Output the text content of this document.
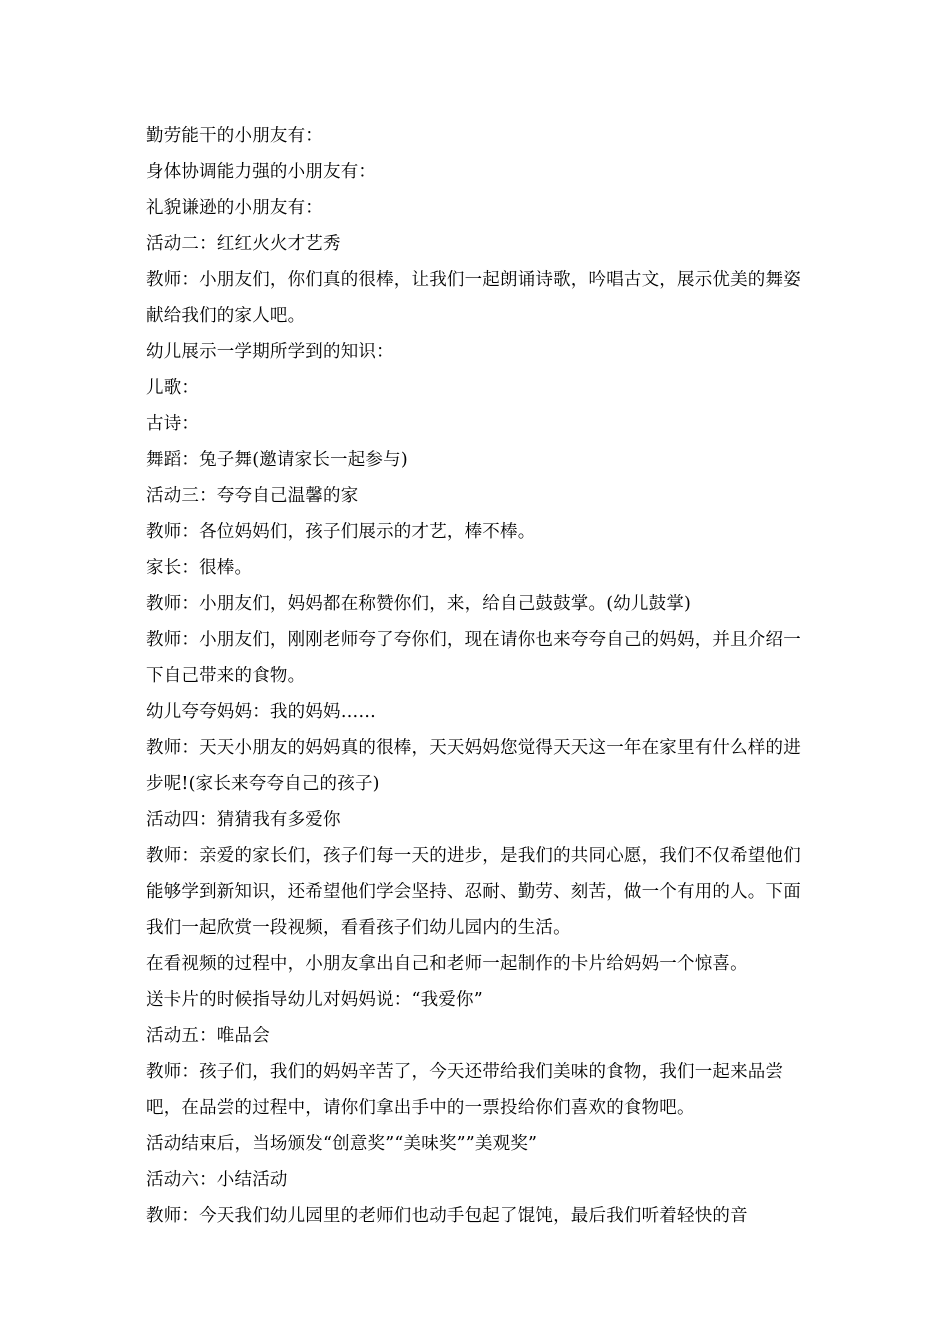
勤劳能干的小朋友有：

身体协调能力强的小朋友有：

礼貌谦逊的小朋友有：

活动二：红红火火才艺秀

教师：小朋友们，你们真的很棒，让我们一起朗诵诗歌，吟唱古文，展示优美的舞姿献给我们的家人吧。

幼儿展示一学期所学到的知识：

儿歌：

古诗：

舞蹈：兔子舞(邀请家长一起参与)

活动三：夸夸自己温馨的家

教师：各位妈妈们，孩子们展示的才艺，棒不棒。

家长：很棒。

教师：小朋友们，妈妈都在称赞你们，来，给自己鼓鼓掌。(幼儿鼓掌)

教师：小朋友们，刚刚老师夸了夸你们，现在请你也来夸夸自己的妈妈，并且介绍一下自己带来的食物。

幼儿夸夸妈妈：我的妈妈……

教师：天天小朋友的妈妈真的很棒，天天妈妈您觉得天天这一年在家里有什么样的进步呢!(家长来夸夸自己的孩子)

活动四：猜猜我有多爱你

教师：亲爱的家长们，孩子们每一天的进步，是我们的共同心愿，我们不仅希望他们能够学到新知识，还希望他们学会坚持、忍耐、勤劳、刻苦，做一个有用的人。下面我们一起欣赏一段视频，看看孩子们幼儿园内的生活。

在看视频的过程中，小朋友拿出自己和老师一起制作的卡片给妈妈一个惊喜。

送卡片的时候指导幼儿对妈妈说：“我爱你”

活动五：唯品会

教师：孩子们，我们的妈妈辛苦了，今天还带给我们美味的食物，我们一起来品尝吧，在品尝的过程中，请你们拿出手中的一票投给你们喜欢的食物吧。

活动结束后，当场颁发“创意奖”“美味奖””美观奖”

活动六：小结活动

教师：今天我们幼儿园里的老师们也动手包起了馄饨，最后我们听着轻快的音
